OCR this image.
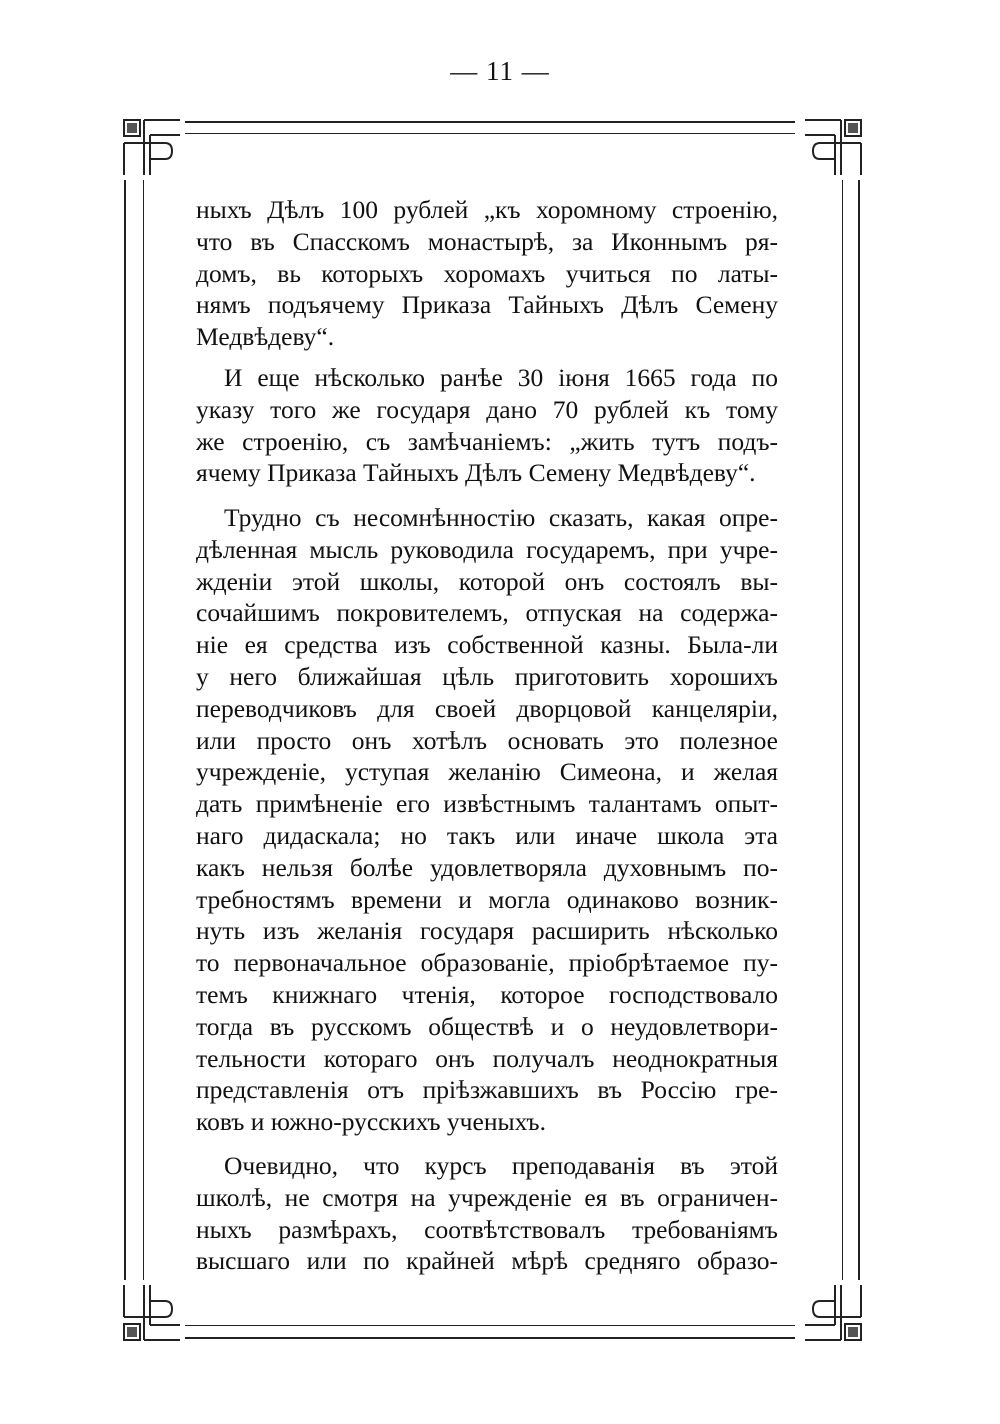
— 11 —
ныхъ Дѣлъ 100 рублей „къ хоромному строенію,
что въ Спасскомъ монастырѣ, за Иконнымъ ря-
домъ, вь которыхъ хоромахъ учиться по латы-
нямъ подъячему Приказа Тайныхъ Дѣлъ Семену
Медвѣдеву“.
И еще нѣсколько ранѣе 30 іюня 1665 года по
указу того же государя дано 70 рублей къ тому
же строенію, съ замѣчаніемъ: „жить тутъ подъ-
ячему Приказа Тайныхъ Дѣлъ Семену Медвѣдеву“.
Трудно съ несомнѣнностію сказать, какая опре-
дѣленная мысль руководила государемъ, при учре-
жденіи этой школы, которой онъ состоялъ вы-
сочайшимъ покровителемъ, отпуская на содержа-
ніе ея средства изъ собственной казны. Была-ли
у него ближайшая цѣль приготовить хорошихъ
переводчиковъ для своей дворцовой канцеляріи,
или просто онъ хотѣлъ основать это полезное
учрежденіе, уступая желанію Симеона, и желая
дать примѣненіе его извѣстнымъ талантамъ опыт-
наго дидаскала; но такъ или иначе школа эта
какъ нельзя болѣе удовлетворяла духовнымъ по-
требностямъ времени и могла одинаково возник-
нуть изъ желанія государя расширить нѣсколько
то первоначальное образованіе, пріобрѣтаемое пу-
темъ книжнаго чтенія, которое господствовало
тогда въ русскомъ обществѣ и о неудовлетвори-
тельности котораго онъ получалъ неоднократныя
представленія отъ пріѣзжавшихъ въ Россію гре-
ковъ и южно-русскихъ ученыхъ.
Очевидно, что курсъ преподаванія въ этой
школѣ, не смотря на учрежденіе ея въ ограничен-
ныхъ размѣрахъ, соотвѣтствовалъ требованіямъ
высшаго или по крайней мѣрѣ средняго образо-
